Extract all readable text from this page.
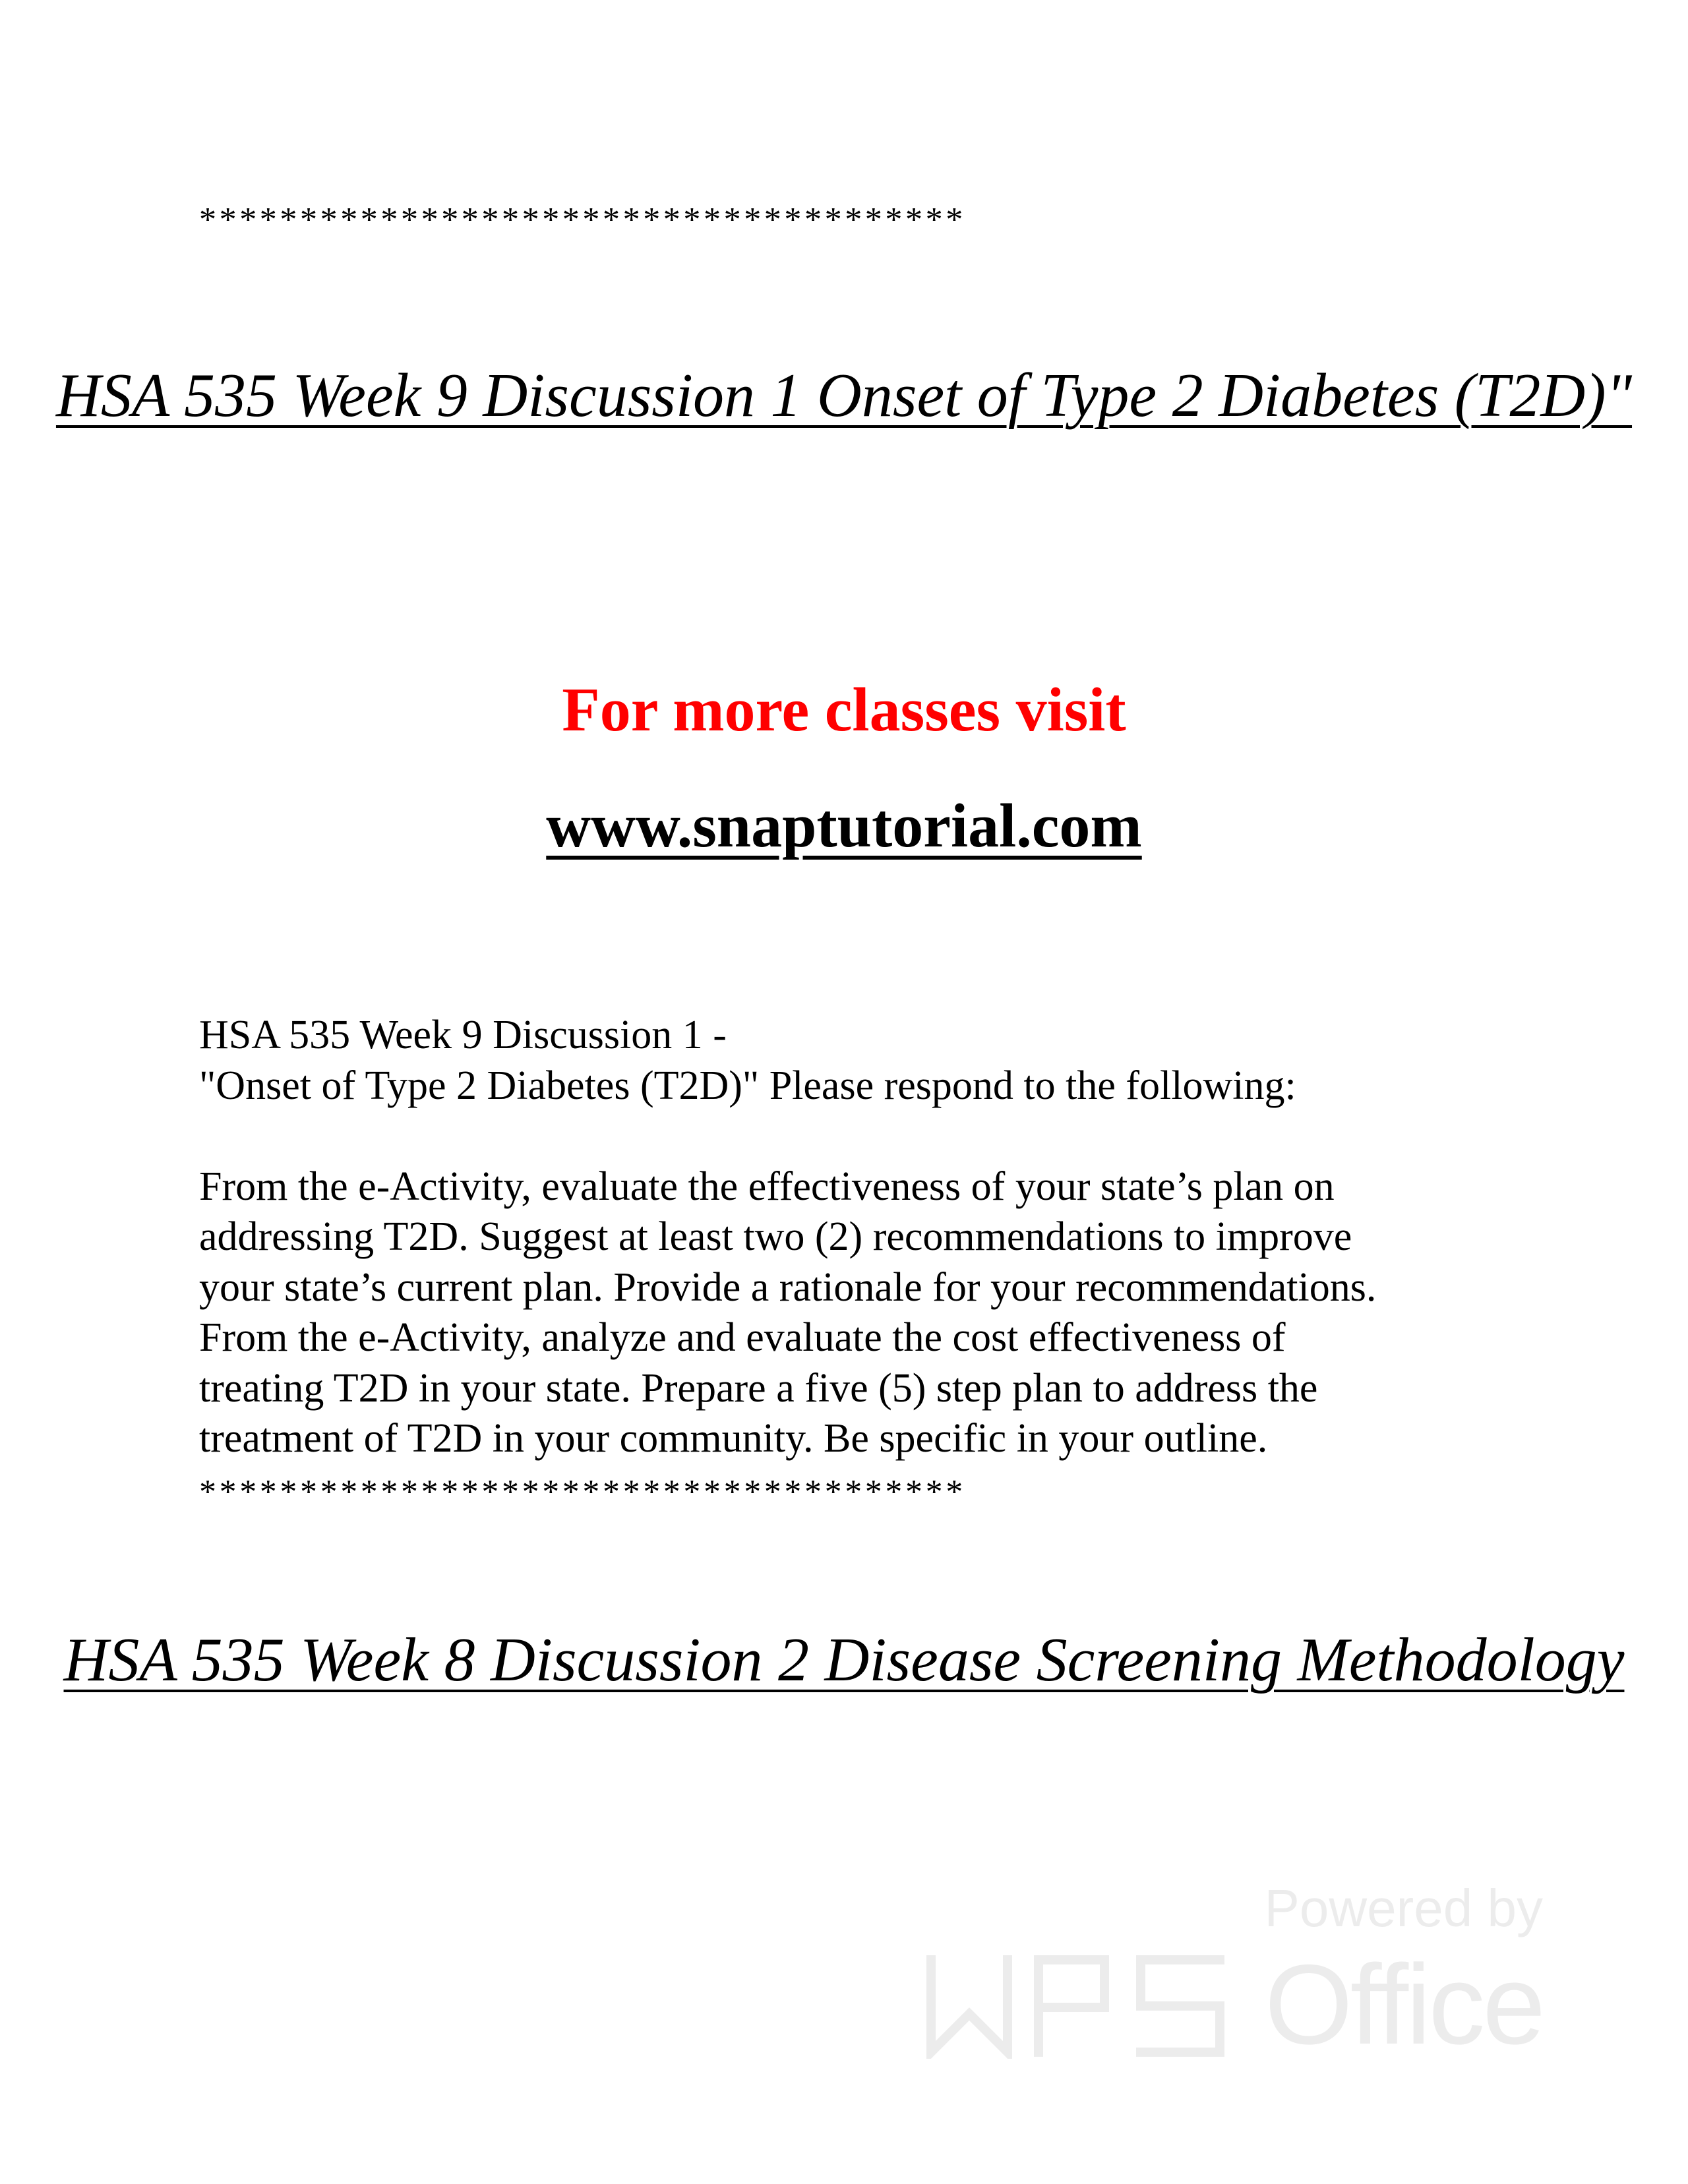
**************************************
HSA 535 Week 9 Discussion 1 Onset of Type 2 Diabetes (T2D)"
For more classes visit
www.snaptutorial.com
HSA 535 Week 9 Discussion 1 -
"Onset of Type 2 Diabetes (T2D)" Please respond to the following:
From the e-Activity, evaluate the effectiveness of your state’s plan on
addressing T2D. Suggest at least two (2) recommendations to improve
your state’s current plan. Provide a rationale for your recommendations.
From the e-Activity, analyze and evaluate the cost effectiveness of
treating T2D in your state. Prepare a five (5) step plan to address the
treatment of T2D in your community. Be specific in your outline.
**************************************
HSA 535 Week 8 Discussion 2 Disease Screening Methodology
Powered by
Office
